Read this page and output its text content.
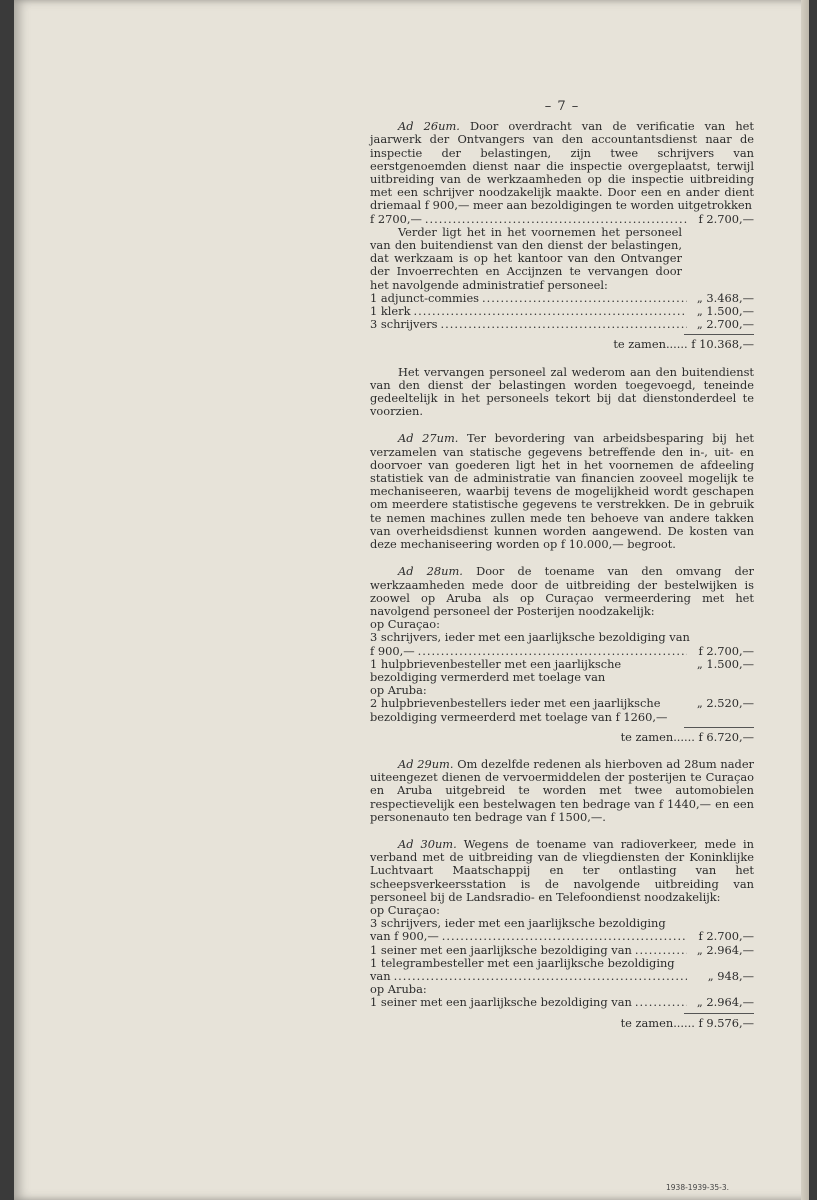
– 7 –

Ad 26um. Door overdracht van de verificatie van het jaarwerk der Ontvangers van den accountantsdienst naar de inspectie der belastingen, zijn twee schrijvers van eerstgenoemden dienst naar die inspectie overgeplaatst, terwijl uitbreiding van de werkzaamheden op die inspectie uitbreiding met een schrijver noodzakelijk maakte. Door een en ander dient driemaal f 900,— meer aan bezoldigingen te worden uitgetrokken

f 2700,— .....	f 2.700,—

Verder ligt het in het voornemen het personeel van den buitendienst van den dienst der belastingen, dat werkzaam is op het kantoor van den Ontvanger der Invoerrechten en Accijnzen te vervangen door het navolgende administratief personeel:

1 adjunct-commies .....	„ 3.468,—
1 klerk .....	„ 1.500,—
3 schrijvers .....	„ 2.700,—
te zamen...... f 10.368,—

Het vervangen personeel zal wederom aan den buitendienst van den dienst der belastingen worden toegevoegd, teneinde gedeeltelijk in het personeels tekort bij dat dienstonderdeel te voorzien.

Ad 27um. Ter bevordering van arbeidsbesparing bij het verzamelen van statische gegevens betreffende den in-, uit- en doorvoer van goederen ligt het in het voornemen de afdeeling statistiek van de administratie van financien zooveel mogelijk te mechaniseeren, waarbij tevens de mogelijkheid wordt geschapen om meerdere statistische gegevens te verstrekken. De in gebruik te nemen machines zullen mede ten behoeve van andere takken van overheidsdienst kunnen worden aangewend. De kosten van deze mechaniseering worden op f 10.000,— begroot.

Ad 28um. Door de toename van den omvang der werkzaamheden mede door de uitbreiding der bestelwijken is zoowel op Aruba als op Curaçao vermeerdering met het navolgend personeel der Posterijen noodzakelijk:

op Curaçao:

3 schrijvers, ieder met een jaarlijksche bezoldiging van

f 900,— .....	f 2.700,—
1 hulpbrievenbesteller met een jaarlijksche bezoldiging vermerderd met toelage van
„ 1.500,—
op Aruba:
2 hulpbrievenbestellers ieder met een jaarlijksche bezoldiging vermeerderd met toelage van f 1260,—
„ 2.520,—
te zamen...... f 6.720,—

Ad 29um. Om dezelfde redenen als hierboven ad 28um nader uiteengezet dienen de vervoermiddelen der posterijen te Curaçao en Aruba uitgebreid te worden met twee automobielen respectievelijk een bestelwagen ten bedrage van f 1440,— en een personenauto ten bedrage van f 1500,—.

Ad 30um. Wegens de toename van radioverkeer, mede in verband met de uitbreiding van de vliegdiensten der Koninklijke Luchtvaart Maatschappij en ter ontlasting van het scheepsverkeersstation is de navolgende uitbreiding van personeel bij de Landsradio- en Telefoondienst noodzakelijk:

op Curaçao:

3 schrijvers, ieder met een jaarlijksche bezoldiging

van f 900,— .....	f 2.700,—
1 seiner met een jaarlijksche bezoldiging van .....	„ 2.964,—

1 telegrambesteller met een jaarlijksche bezoldiging

van .....	„ 948,—
op Aruba:
1 seiner met een jaarlijksche bezoldiging van .....	„ 2.964,—
te zamen...... f 9.576,—
1938-1939-35-3.
